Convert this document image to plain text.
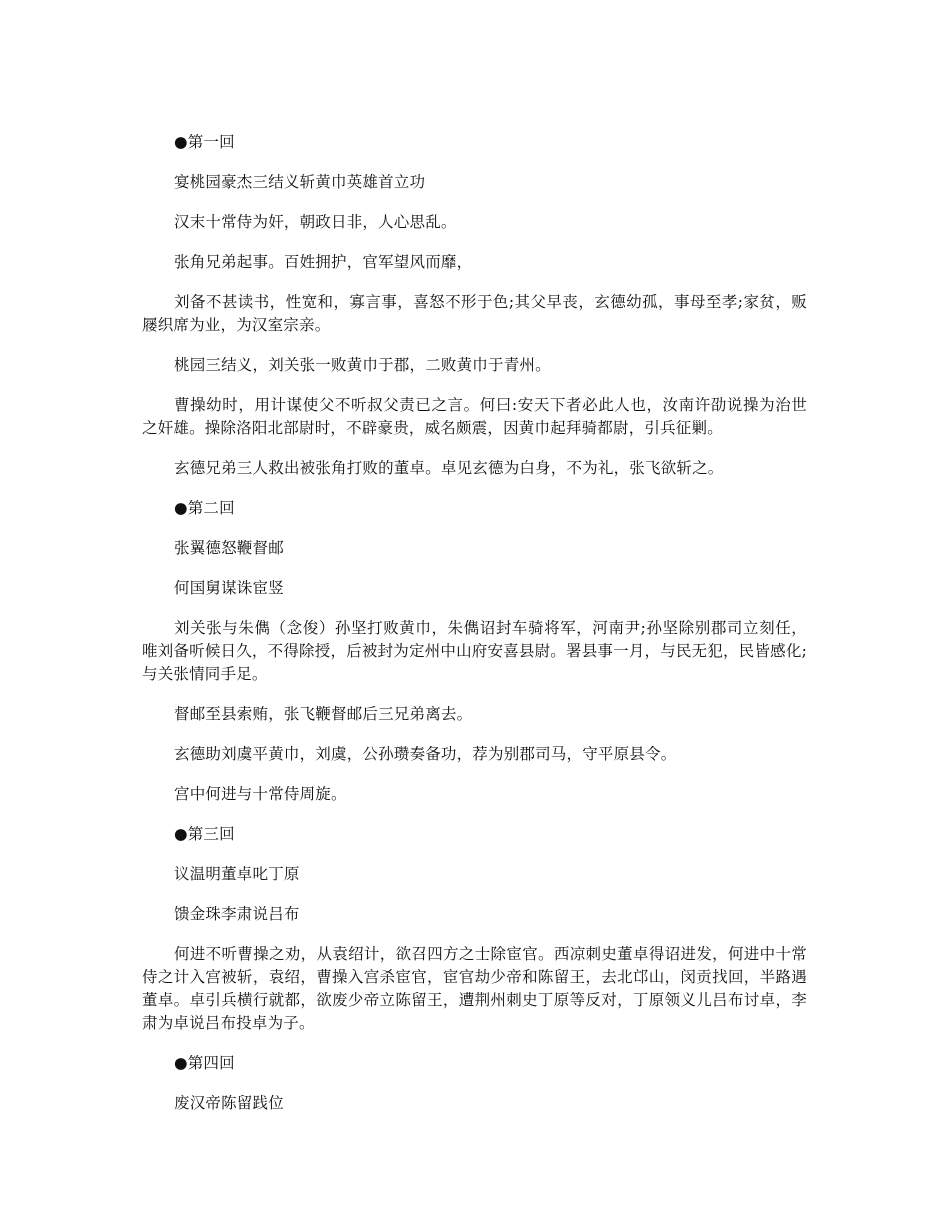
●第一回

宴桃园豪杰三结义斩黄巾英雄首立功

汉末十常侍为奸，朝政日非，人心思乱。

张角兄弟起事。百姓拥护，官军望风而靡，

刘备不甚读书，性宽和，寡言事，喜怒不形于色;其父早丧，玄德幼孤，事母至孝;家贫，贩屦织席为业，为汉室宗亲。

桃园三结义，刘关张一败黄巾于郡，二败黄巾于青州。

曹操幼时，用计谋使父不听叔父责已之言。何曰:安天下者必此人也，汝南许劭说操为治世之奸雄。操除洛阳北部尉时，不辟豪贵，威名颇震，因黄巾起拜骑都尉，引兵征剿。

玄德兄弟三人救出被张角打败的董卓。卓见玄德为白身，不为礼，张飞欲斩之。

●第二回

张翼德怒鞭督邮

何国舅谋诛宦竖

刘关张与朱儁（念俊）孙坚打败黄巾，朱儁诏封车骑将军，河南尹;孙坚除别郡司立刻任，唯刘备听候日久，不得除授，后被封为定州中山府安喜县尉。署县事一月，与民无犯，民皆感化;与关张情同手足。

督邮至县索贿，张飞鞭督邮后三兄弟离去。

玄德助刘虞平黄巾，刘虞，公孙瓒奏备功，荐为别郡司马，守平原县令。

宫中何进与十常侍周旋。

●第三回

议温明董卓叱丁原

馈金珠李肃说吕布

何进不听曹操之劝，从袁绍计，欲召四方之士除宦官。西凉刺史董卓得诏进发，何进中十常侍之计入宫被斩，袁绍，曹操入宫杀宦官，宦官劫少帝和陈留王，去北邙山，闵贡找回，半路遇董卓。卓引兵横行就都，欲废少帝立陈留王，遭荆州刺史丁原等反对，丁原领义儿吕布讨卓，李肃为卓说吕布投卓为子。

●第四回

废汉帝陈留践位
